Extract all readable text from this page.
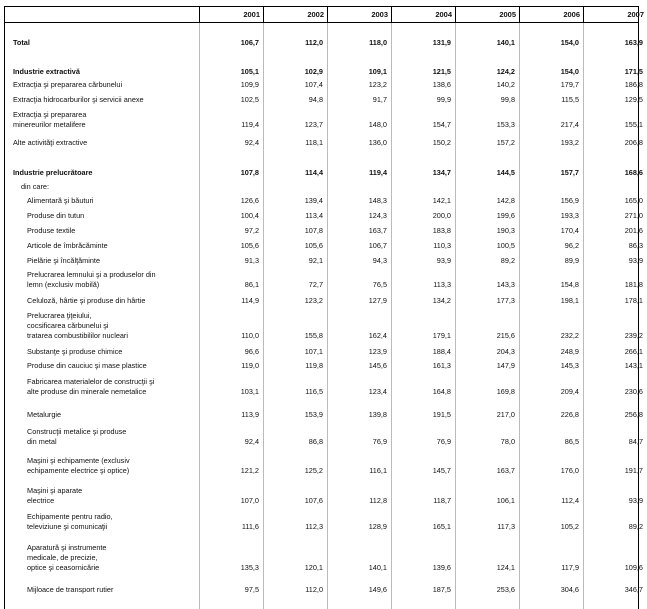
2001	2002	2003	2004	2005	2006	2007
Total	106,7	112,0	118,0	131,9	140,1	154,0	163,9
Industrie extractivă	105,1	102,9	109,1	121,5	124,2	154,0	171,5
Extracţia şi prepararea cărbunelui	109,9	107,4	123,2	138,6	140,2	179,7	186,8
Extracţia hidrocarburilor şi servicii anexe	102,5	94,8	91,7	99,9	99,8	115,5	129,5
Extracţia şi prepararea
minereurilor metalifere	119,4	123,7	148,0	154,7	153,3	217,4	155,1
Alte activităţi extractive	92,4	118,1	136,0	150,2	157,2	193,2	206,8
Industrie prelucrătoare	107,8	114,4	119,4	134,7	144,5	157,7	168,6
din care:
Alimentară şi băuturi	126,6	139,4	148,3	142,1	142,8	156,9	165,0
Produse din tutun	100,4	113,4	124,3	200,0	199,6	193,3	271,0
Produse textile	97,2	107,8	163,7	183,8	190,3	170,4	201,6
Articole de îmbrăcăminte	105,6	105,6	106,7	110,3	100,5	96,2	86,3
Pielărie şi încălţăminte	91,3	92,1	94,3	93,9	89,2	89,9	93,9
Prelucrarea lemnului şi a produselor din
lemn (exclusiv mobilă)	86,1	72,7	76,5	113,3	143,3	154,8	181,8
Celuloză, hârtie şi produse din hârtie	114,9	123,2	127,9	134,2	177,3	198,1	178,1
Prelucrarea ţiţeiului,
cocsificarea cărbunelui şi
tratarea combustibililor nucleari	110,0	155,8	162,4	179,1	215,6	232,2	239,2
Substanţe şi produse chimice	96,6	107,1	123,9	188,4	204,3	248,9	266,1
Produse din cauciuc şi mase plastice	119,0	119,8	145,6	161,3	147,9	145,3	143,1
Fabricarea materialelor de construcţii şi
alte produse din minerale nemetalice	103,1	116,5	123,4	164,8	169,8	209,4	230,6
Metalurgie	113,9	153,9	139,8	191,5	217,0	226,8	256,8
Construcţii metalice şi produse
din metal	92,4	86,8	76,9	76,9	78,0	86,5	84,7
Maşini şi echipamente (exclusiv
echipamente electrice şi optice)	121,2	125,2	116,1	145,7	163,7	176,0	191,7
Maşini şi aparate
electrice	107,0	107,6	112,8	118,7	106,1	112,4	93,9
Echipamente pentru radio,
televiziune şi comunicaţii	111,6	112,3	128,9	165,1	117,3	105,2	89,2
Aparatură şi instrumente
medicale, de precizie,
optice şi ceasornicărie	135,3	120,1	140,1	139,6	124,1	117,9	109,6
Mijloace de transport rutier	97,5	112,0	149,6	187,5	253,6	304,6	346,7
